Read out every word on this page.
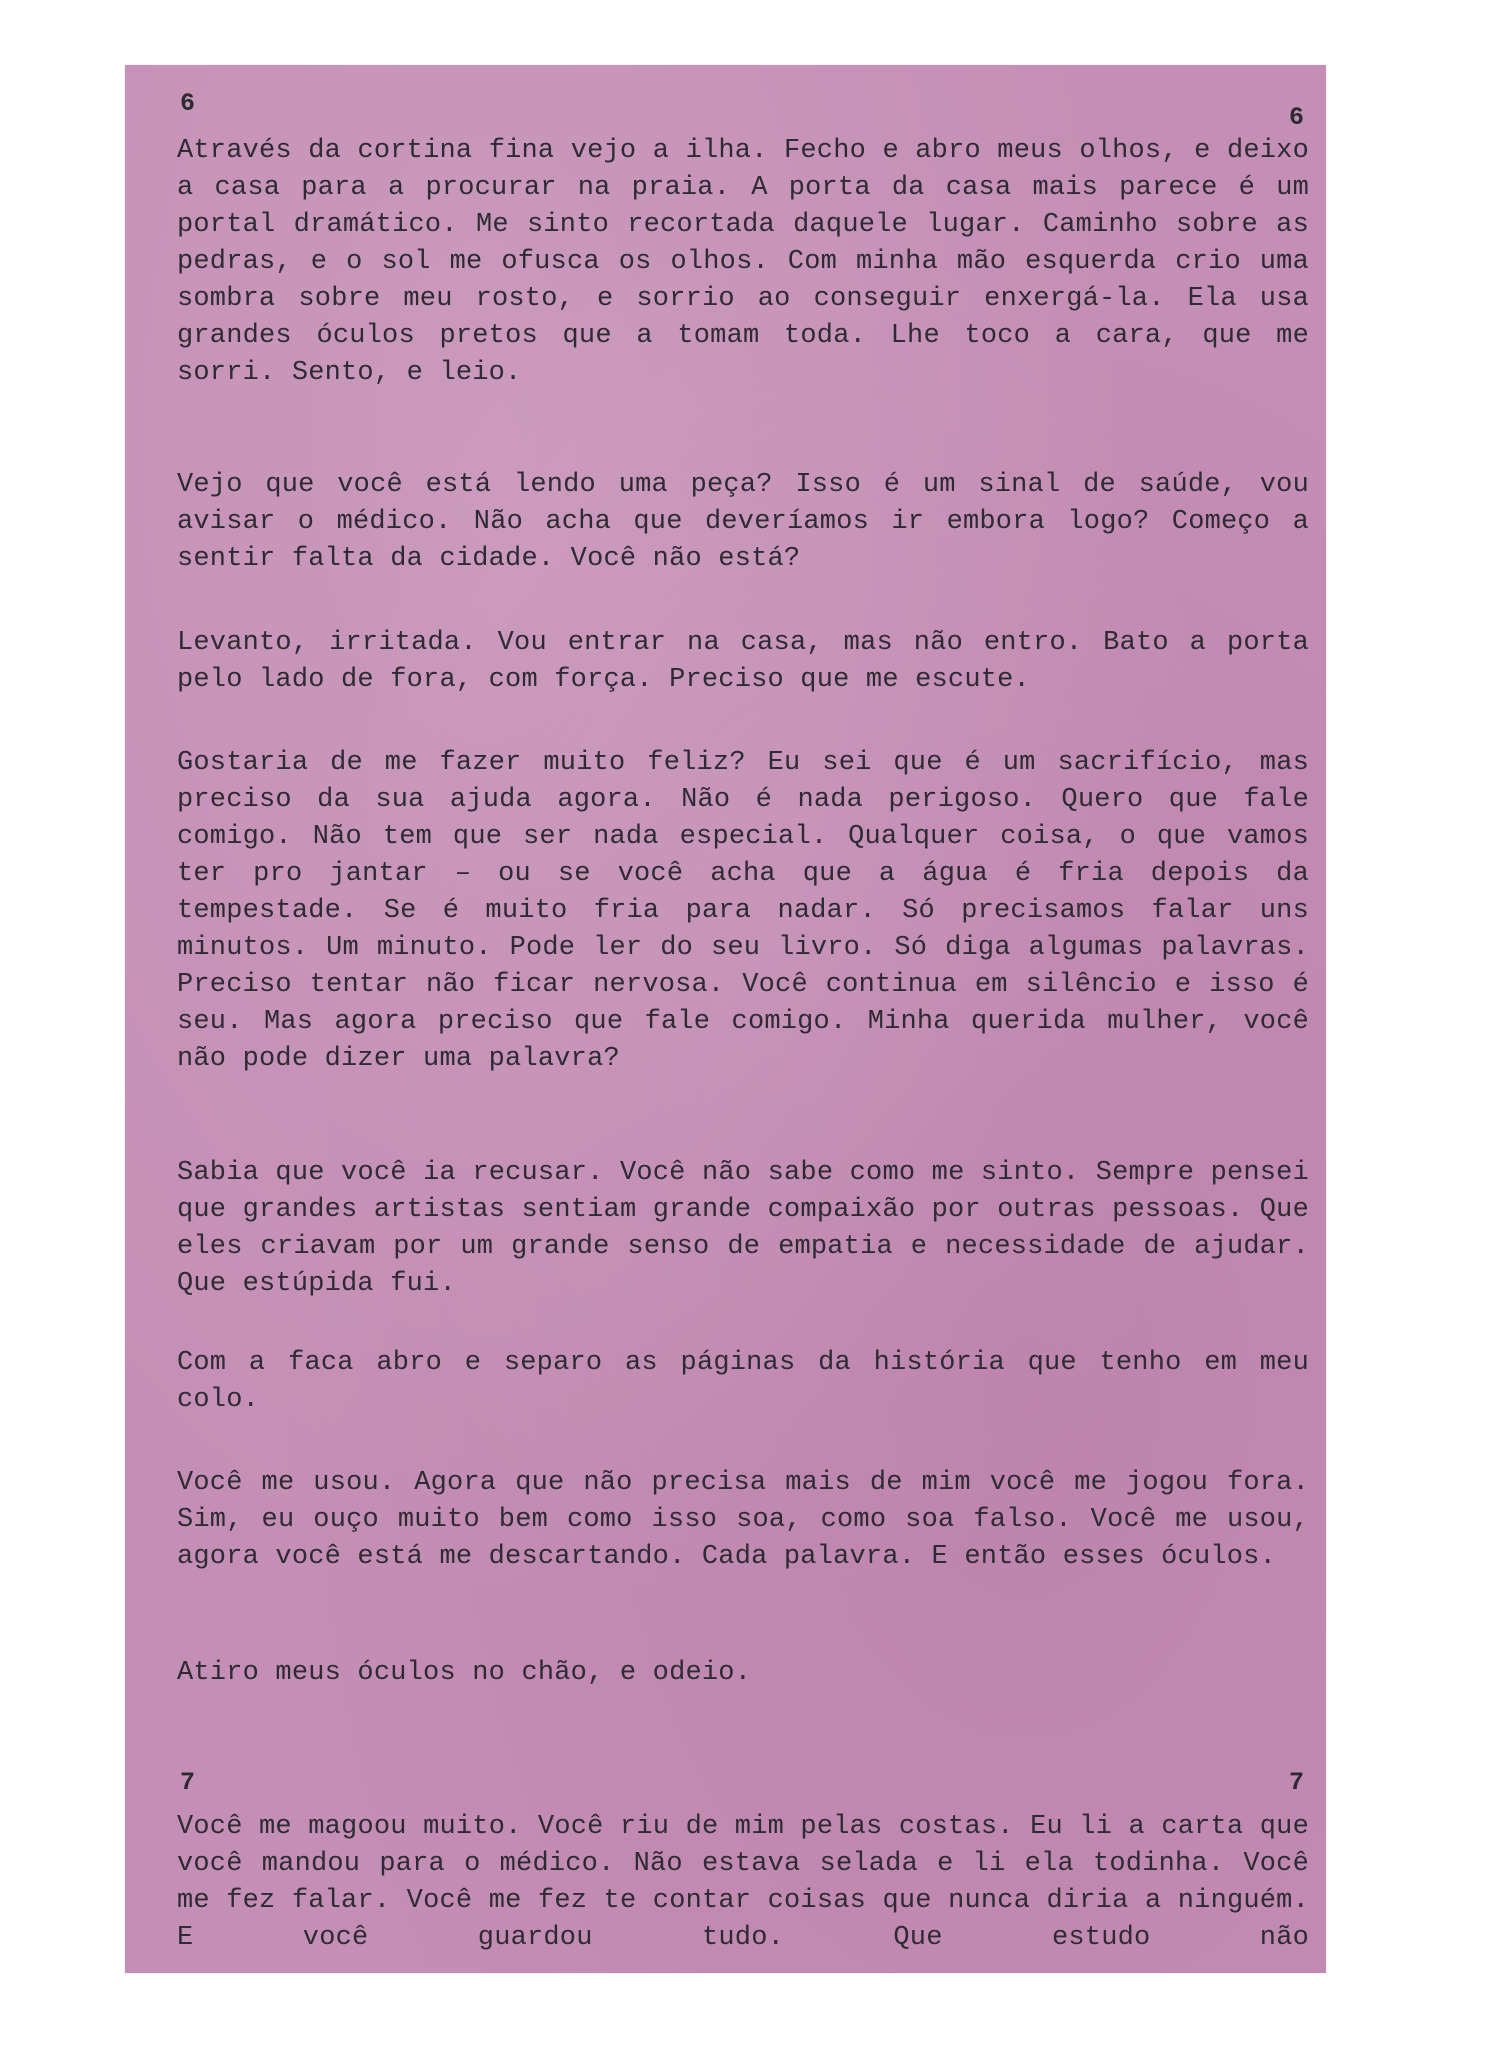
6	6

Através da cortina fina vejo a ilha. Fecho e abro meus olhos, e deixo a casa para a procurar na praia. A porta da casa mais parece é um portal dramático. Me sinto recortada daquele lugar. Caminho sobre as pedras, e o sol me ofusca os olhos. Com minha mão esquerda crio uma sombra sobre meu rosto, e sorrio ao conseguir enxergá-la. Ela usa grandes óculos pretos que a tomam toda. Lhe toco a cara, que me sorri. Sento, e leio.

Vejo que você está lendo uma peça? Isso é um sinal de saúde, vou avisar o médico. Não acha que deveríamos ir embora logo? Começo a sentir falta da cidade. Você não está?

Levanto, irritada. Vou entrar na casa, mas não entro. Bato a porta pelo lado de fora, com força. Preciso que me escute.

Gostaria de me fazer muito feliz? Eu sei que é um sacrifício, mas preciso da sua ajuda agora. Não é nada perigoso. Quero que fale comigo. Não tem que ser nada especial. Qualquer coisa, o que vamos ter pro jantar – ou se você acha que a água é fria depois da tempestade. Se é muito fria para nadar. Só precisamos falar uns minutos. Um minuto. Pode ler do seu livro. Só diga algumas palavras. Preciso tentar não ficar nervosa. Você continua em silêncio e isso é seu. Mas agora preciso que fale comigo. Minha querida mulher, você não pode dizer uma palavra?

Sabia que você ia recusar. Você não sabe como me sinto. Sempre pensei que grandes artistas sentiam grande compaixão por outras pessoas. Que eles criavam por um grande senso de empatia e necessidade de ajudar. Que estúpida fui.

Com a faca abro e separo as páginas da história que tenho em meu colo.

Você me usou. Agora que não precisa mais de mim você me jogou fora. Sim, eu ouço muito bem como isso soa, como soa falso. Você me usou, agora você está me descartando. Cada palavra. E então esses óculos.

Atiro meus óculos no chão, e odeio.

7	7

Você me magoou muito. Você riu de mim pelas costas. Eu li a carta que você mandou para o médico. Não estava selada e li ela todinha. Você me fez falar. Você me fez te contar coisas que nunca diria a ninguém. E você guardou tudo. Que estudo não
